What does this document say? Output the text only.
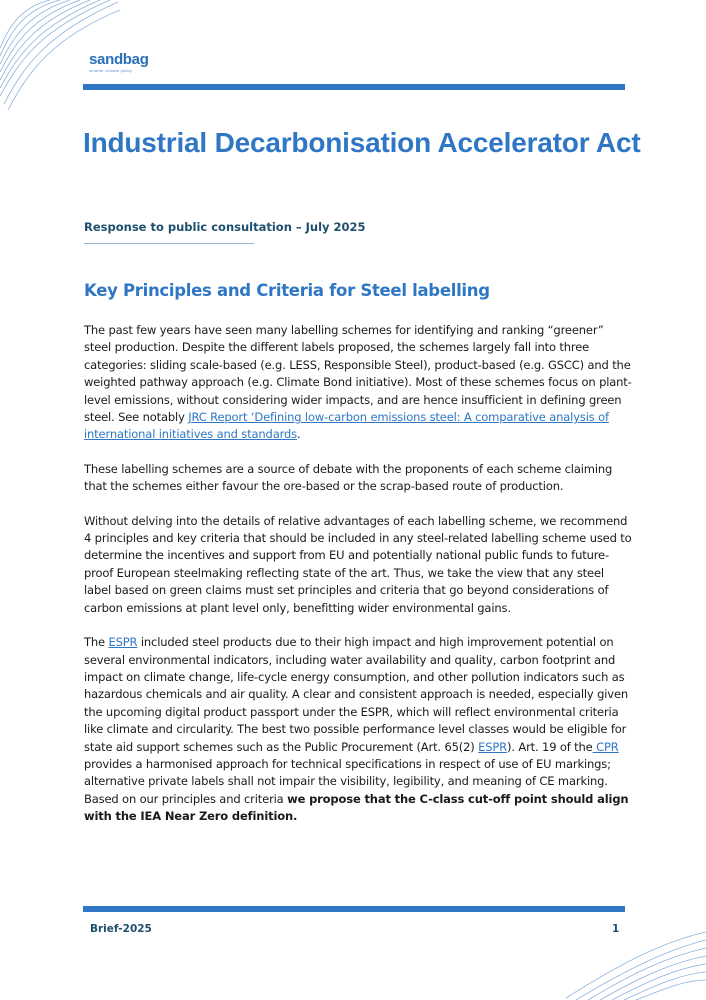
sandbag
smarter climate policy
Industrial Decarbonisation Accelerator Act

Response to public consultation – July 2025

Key Principles and Criteria for Steel labelling

The past few years have seen many labelling schemes for identifying and ranking “greener” steel production. Despite the different labels proposed, the schemes largely fall into three categories: sliding scale-based (e.g. LESS, Responsible Steel), product-based (e.g. GSCC) and the weighted pathway approach (e.g. Climate Bond initiative). Most of these schemes focus on plant-level emissions, without considering wider impacts, and are hence insufficient in defining green steel. See notably JRC Report ‘Defining low-carbon emissions steel: A comparative analysis of international initiatives and standards.

These labelling schemes are a source of debate with the proponents of each scheme claiming that the schemes either favour the ore-based or the scrap-based route of production.

Without delving into the details of relative advantages of each labelling scheme, we recommend 4 principles and key criteria that should be included in any steel-related labelling scheme used to determine the incentives and support from EU and potentially national public funds to future-proof European steelmaking reflecting state of the art. Thus, we take the view that any steel label based on green claims must set principles and criteria that go beyond considerations of carbon emissions at plant level only, benefitting wider environmental gains.

The ESPR included steel products due to their high impact and high improvement potential on several environmental indicators, including water availability and quality, carbon footprint and impact on climate change, life-cycle energy consumption, and other pollution indicators such as hazardous chemicals and air quality. A clear and consistent approach is needed, especially given the upcoming digital product passport under the ESPR, which will reflect environmental criteria like climate and circularity. The best two possible performance level classes would be eligible for state aid support schemes such as the Public Procurement (Art. 65(2) ESPR). Art. 19 of the CPR provides a harmonised approach for technical specifications in respect of use of EU markings; alternative private labels shall not impair the visibility, legibility, and meaning of CE marking. Based on our principles and criteria we propose that the C-class cut-off point should align with the IEA Near Zero definition.

Brief-2025	1
